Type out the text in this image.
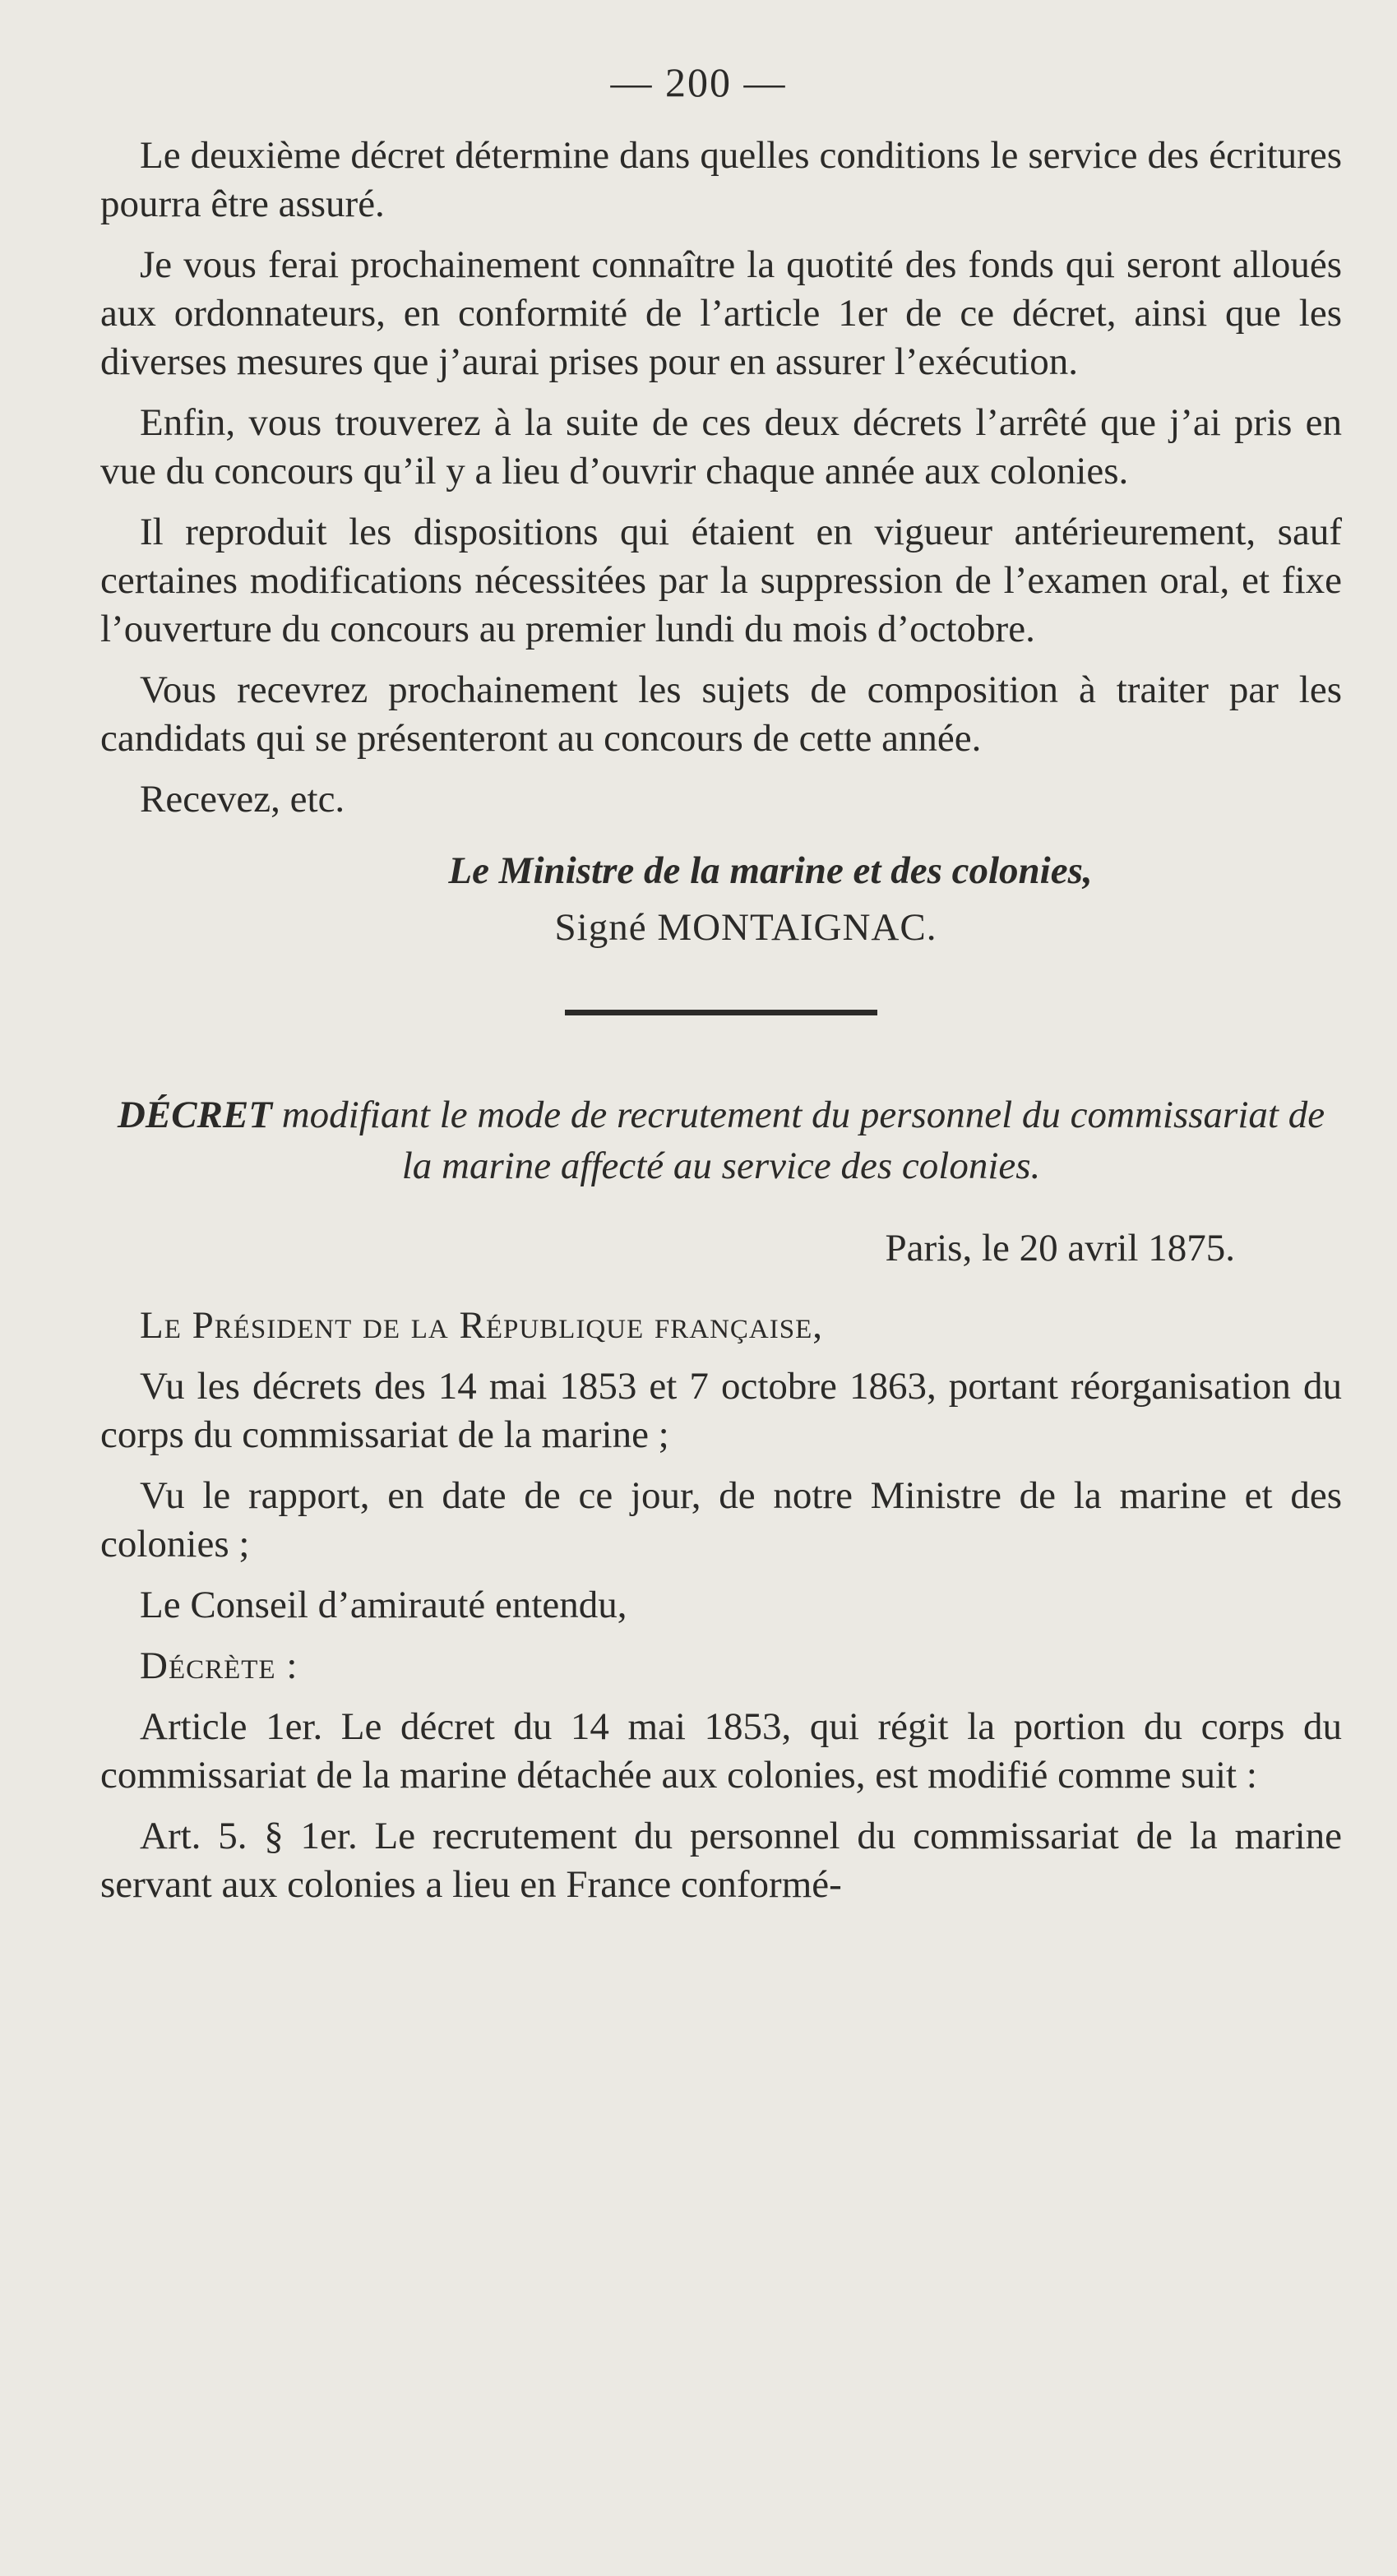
— 200 —

Le deuxième décret détermine dans quelles conditions le service des écritures pourra être assuré.

Je vous ferai prochainement connaître la quotité des fonds qui seront alloués aux ordonnateurs, en conformité de l’article 1er de ce décret, ainsi que les diverses mesures que j’aurai prises pour en assurer l’exécution.

Enfin, vous trouverez à la suite de ces deux décrets l’arrêté que j’ai pris en vue du concours qu’il y a lieu d’ouvrir chaque année aux colonies.

Il reproduit les dispositions qui étaient en vigueur antérieurement, sauf certaines modifications nécessitées par la suppression de l’examen oral, et fixe l’ouverture du concours au premier lundi du mois d’octobre.

Vous recevrez prochainement les sujets de composition à traiter par les candidats qui se présenteront au concours de cette année.

Recevez, etc.

Le Ministre de la marine et des colonies,
Signé MONTAIGNAC.
DÉCRET modifiant le mode de recrutement du personnel du commissariat de la marine affecté au service des colonies.
Paris, le 20 avril 1875.

Le Président de la République française,

Vu les décrets des 14 mai 1853 et 7 octobre 1863, portant réorganisation du corps du commissariat de la marine ;

Vu le rapport, en date de ce jour, de notre Ministre de la marine et des colonies ;

Le Conseil d’amirauté entendu,

Décrète :

Article 1er. Le décret du 14 mai 1853, qui régit la portion du corps du commissariat de la marine détachée aux colonies, est modifié comme suit :

Art. 5. § 1er. Le recrutement du personnel du commissariat de la marine servant aux colonies a lieu en France conformé-
